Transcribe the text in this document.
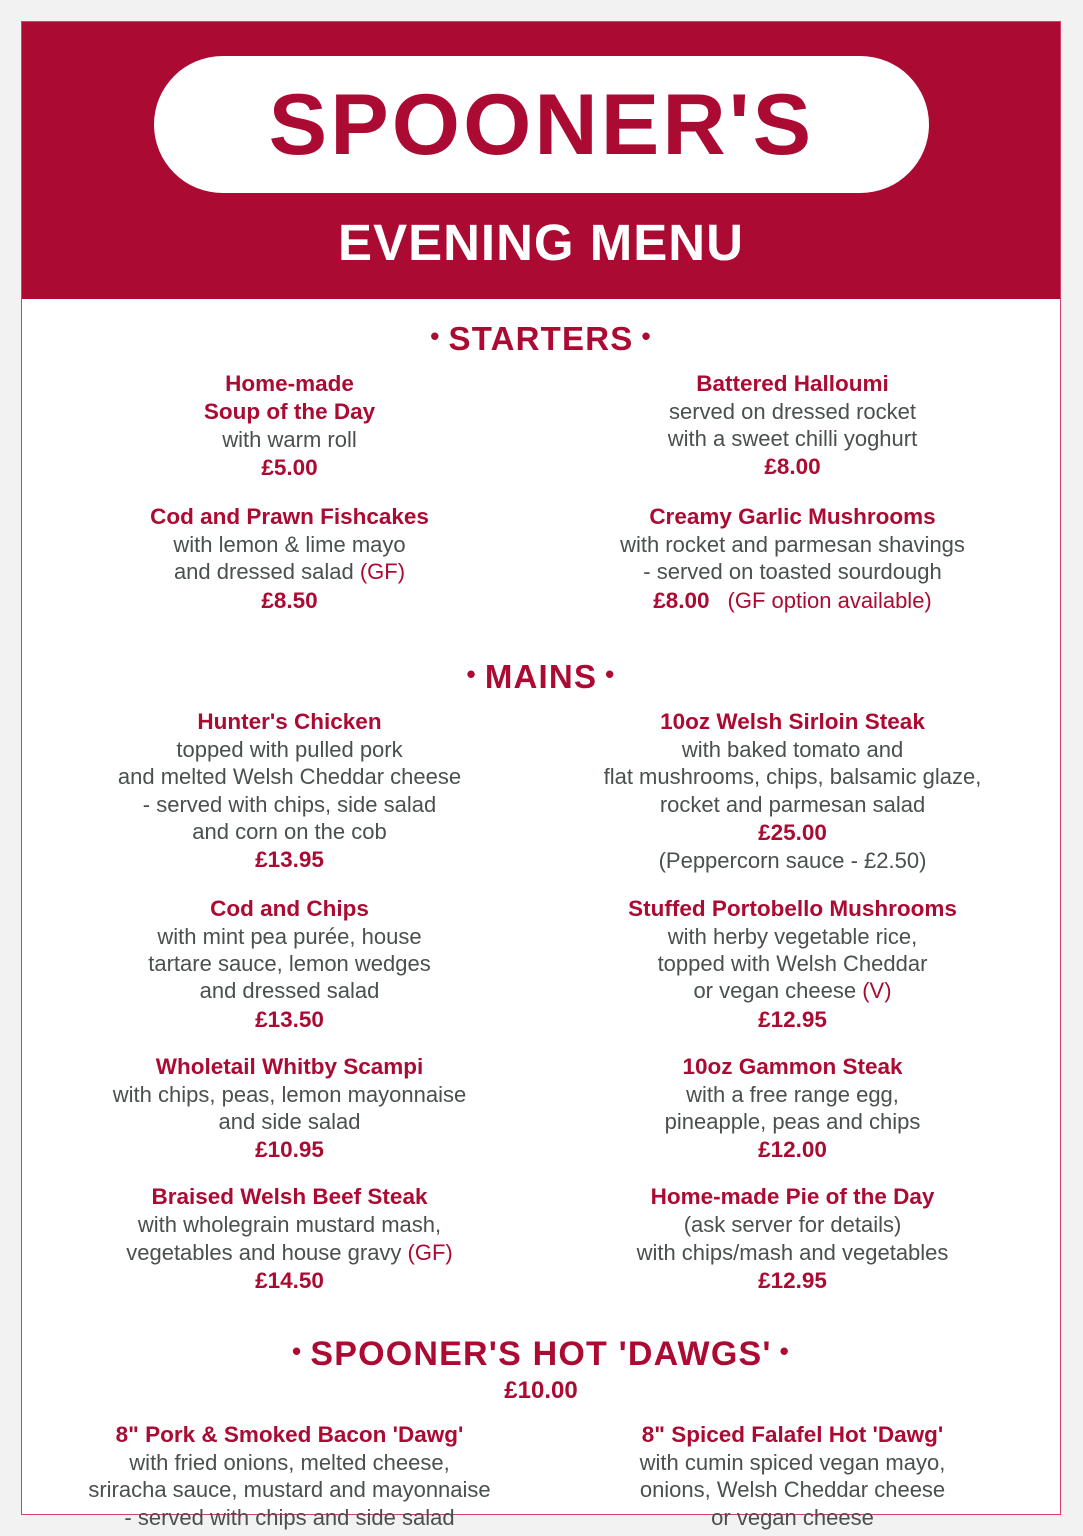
SPOONER'S
EVENING MENU
• STARTERS •
Home-made
Soup of the Day
with warm roll
£5.00
Battered Halloumi
served on dressed rocket
with a sweet chilli yoghurt
£8.00
Cod and Prawn Fishcakes
with lemon & lime mayo
and dressed salad (GF)
£8.50
Creamy Garlic Mushrooms
with rocket and parmesan shavings
- served on toasted sourdough
£8.00 (GF option available)
• MAINS •
Hunter's Chicken
topped with pulled pork
and melted Welsh Cheddar cheese
- served with chips, side salad
and corn on the cob
£13.95
10oz Welsh Sirloin Steak
with baked tomato and
flat mushrooms, chips, balsamic glaze,
rocket and parmesan salad
£25.00
(Peppercorn sauce - £2.50)
Cod and Chips
with mint pea purée, house
tartare sauce, lemon wedges
and dressed salad
£13.50
Stuffed Portobello Mushrooms
with herby vegetable rice,
topped with Welsh Cheddar
or vegan cheese (V)
£12.95
Wholetail Whitby Scampi
with chips, peas, lemon mayonnaise
and side salad
£10.95
10oz Gammon Steak
with a free range egg,
pineapple, peas and chips
£12.00
Braised Welsh Beef Steak
with wholegrain mustard mash,
vegetables and house gravy (GF)
£14.50
Home-made Pie of the Day
(ask server for details)
with chips/mash and vegetables
£12.95
• SPOONER'S HOT 'DAWGS' •
£10.00
8" Pork & Smoked Bacon 'Dawg'
with fried onions, melted cheese,
sriracha sauce, mustard and mayonnaise
- served with chips and side salad
8" Spiced Falafel Hot 'Dawg'
with cumin spiced vegan mayo,
onions, Welsh Cheddar cheese
or vegan cheese
